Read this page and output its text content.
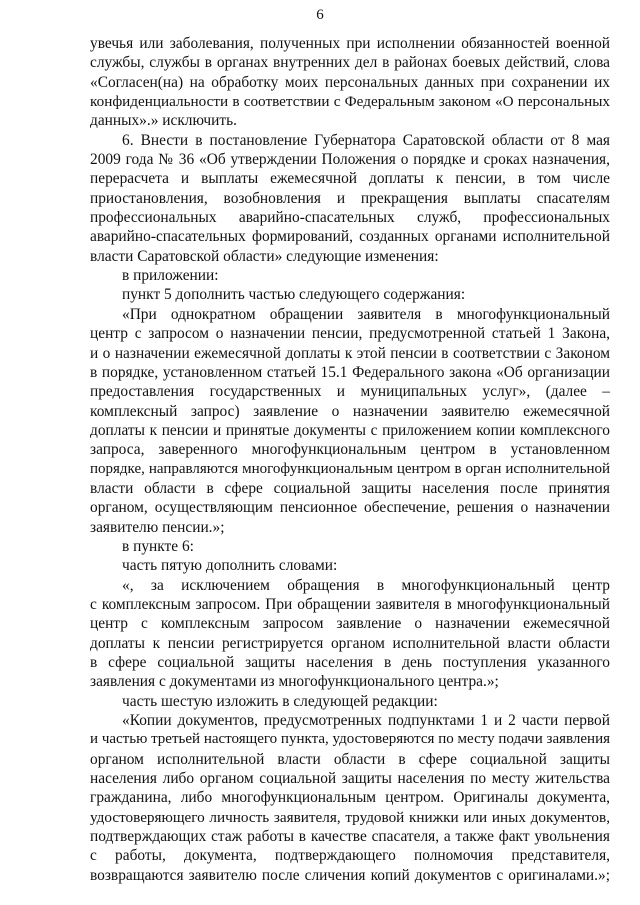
6
увечья или заболевания, полученных при исполнении обязанностей военной
службы, службы в органах внутренних дел в районах боевых действий, слова
«Согласен(на) на обработку моих персональных данных при сохранении их
конфиденциальности в соответствии с Федеральным законом «О персональных
данных».» исключить.
6. Внести в постановление Губернатора Саратовской области от 8 мая
2009 года № 36 «Об утверждении Положения о порядке и сроках назначения,
перерасчета и выплаты ежемесячной доплаты к пенсии, в том числе
приостановления, возобновления и прекращения выплаты спасателям
профессиональных аварийно-спасательных служб, профессиональных
аварийно-спасательных формирований, созданных органами исполнительной
власти Саратовской области» следующие изменения:
в приложении:
пункт 5 дополнить частью следующего содержания:
«При однократном обращении заявителя в многофункциональный
центр с запросом о назначении пенсии, предусмотренной статьей 1 Закона,
и о назначении ежемесячной доплаты к этой пенсии в соответствии с Законом
в порядке, установленном статьей 15.1 Федерального закона «Об организации
предоставления государственных и муниципальных услуг», (далее –
комплексный запрос) заявление о назначении заявителю ежемесячной
доплаты к пенсии и принятые документы с приложением копии комплексного
запроса, заверенного многофункциональным центром в установленном
порядке, направляются многофункциональным центром в орган исполнительной
власти области в сфере социальной защиты населения после принятия
органом, осуществляющим пенсионное обеспечение, решения о назначении
заявителю пенсии.»;
в пункте 6:
часть пятую дополнить словами:
«, за исключением обращения в многофункциональный центр
с комплексным запросом. При обращении заявителя в многофункциональный
центр с комплексным запросом заявление о назначении ежемесячной
доплаты к пенсии регистрируется органом исполнительной власти области
в сфере социальной защиты населения в день поступления указанного
заявления с документами из многофункционального центра.»;
часть шестую изложить в следующей редакции:
«Копии документов, предусмотренных подпунктами 1 и 2 части первой
и частью третьей настоящего пункта, удостоверяются по месту подачи заявления
органом исполнительной власти области в сфере социальной защиты
населения либо органом социальной защиты населения по месту жительства
гражданина, либо многофункциональным центром. Оригиналы документа,
удостоверяющего личность заявителя, трудовой книжки или иных документов,
подтверждающих стаж работы в качестве спасателя, а также факт увольнения
с работы, документа, подтверждающего полномочия представителя,
возвращаются заявителю после сличения копий документов с оригиналами.»;
